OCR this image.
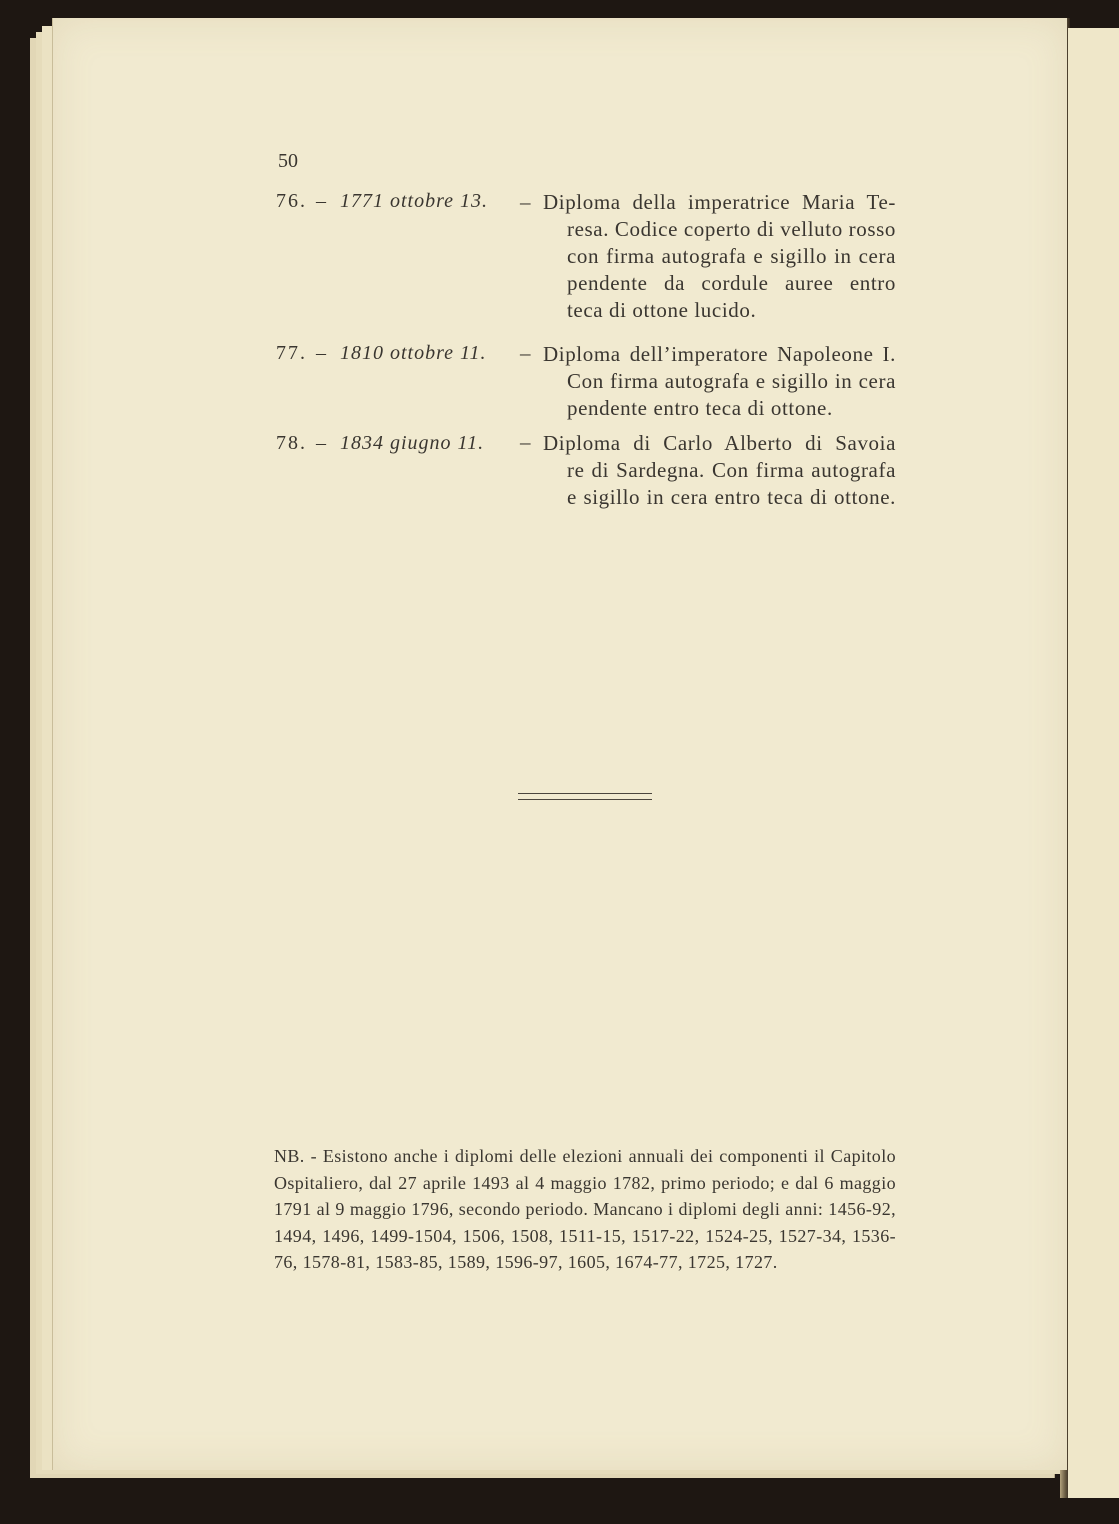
50
76. – 1771 ottobre 13. – Diploma della imperatrice Maria Te-
resa. Codice coperto di velluto rosso
con firma autografa e sigillo in cera
pendente da cordule auree entro
teca di ottone lucido.
77. – 1810 ottobre 11. – Diploma dell’imperatore Napoleone I.
Con firma autografa e sigillo in cera
pendente entro teca di ottone.
78. – 1834 giugno 11. – Diploma di Carlo Alberto di Savoia
re di Sardegna. Con firma autografa
e sigillo in cera entro teca di ottone.
NB. - Esistono anche i diplomi delle elezioni annuali dei componenti il Capitolo Ospitaliero, dal 27 aprile 1493 al 4 maggio 1782, primo periodo; e dal 6 maggio 1791 al 9 maggio 1796, secondo periodo. Mancano i diplomi degli anni: 1456-92, 1494, 1496, 1499-1504, 1506, 1508, 1511-15, 1517-22, 1524-25, 1527-34, 1536-76, 1578-81, 1583-85, 1589, 1596-97, 1605, 1674-77, 1725, 1727.
